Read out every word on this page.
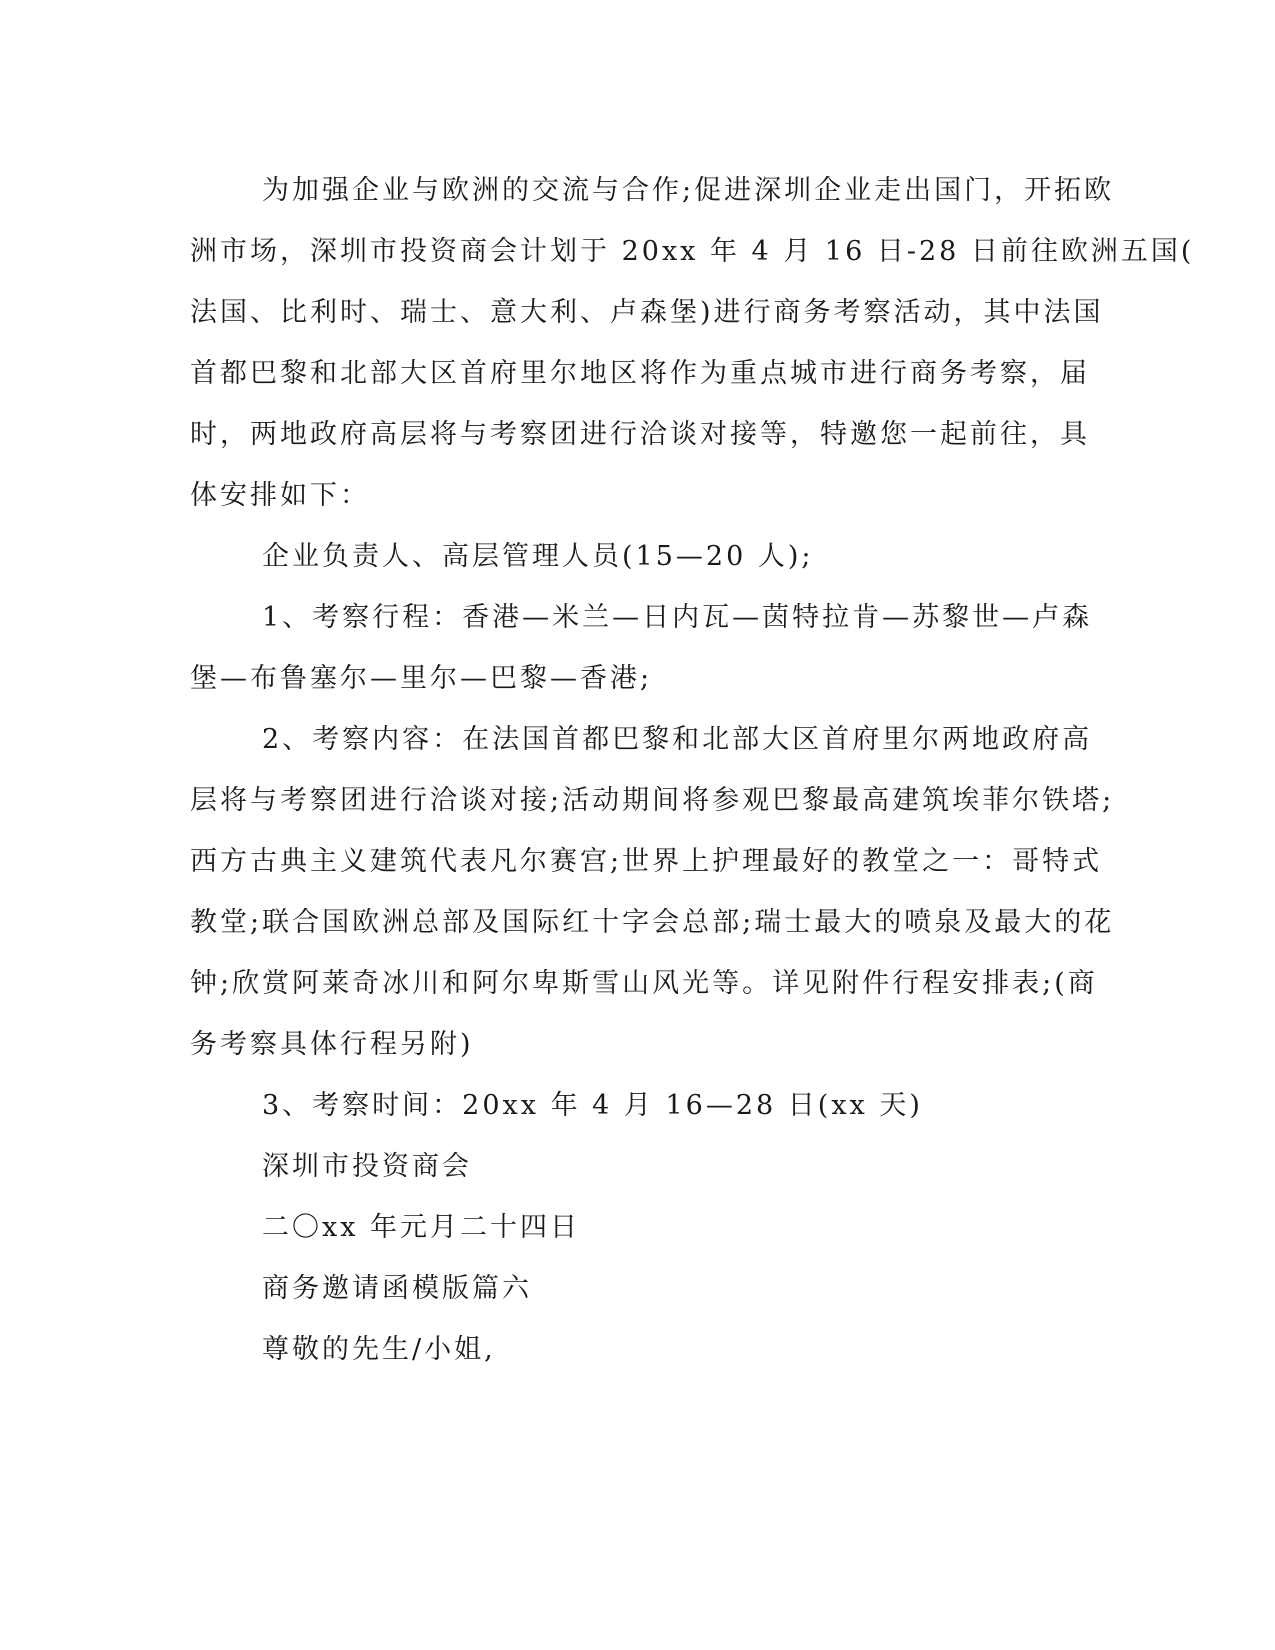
为加强企业与欧洲的交流与合作;促进深圳企业走出国门，开拓欧
洲市场，深圳市投资商会计划于 20xx 年 4 月 16 日-28 日前往欧洲五国(
法国、比利时、瑞士、意大利、卢森堡)进行商务考察活动，其中法国
首都巴黎和北部大区首府里尔地区将作为重点城市进行商务考察，届
时，两地政府高层将与考察团进行洽谈对接等，特邀您一起前往，具
体安排如下：
企业负责人、高层管理人员(15—20 人);
1、考察行程：香港—米兰—日内瓦—茵特拉肯—苏黎世—卢森
堡—布鲁塞尔—里尔—巴黎—香港;
2、考察内容：在法国首都巴黎和北部大区首府里尔两地政府高
层将与考察团进行洽谈对接;活动期间将参观巴黎最高建筑埃菲尔铁塔;
西方古典主义建筑代表凡尔赛宫;世界上护理最好的教堂之一：哥特式
教堂;联合国欧洲总部及国际红十字会总部;瑞士最大的喷泉及最大的花
钟;欣赏阿莱奇冰川和阿尔卑斯雪山风光等。详见附件行程安排表;(商
务考察具体行程另附)
3、考察时间：20xx 年 4 月 16—28 日(xx 天)
深圳市投资商会
二〇xx 年元月二十四日
商务邀请函模版篇六
尊敬的先生/小姐,
